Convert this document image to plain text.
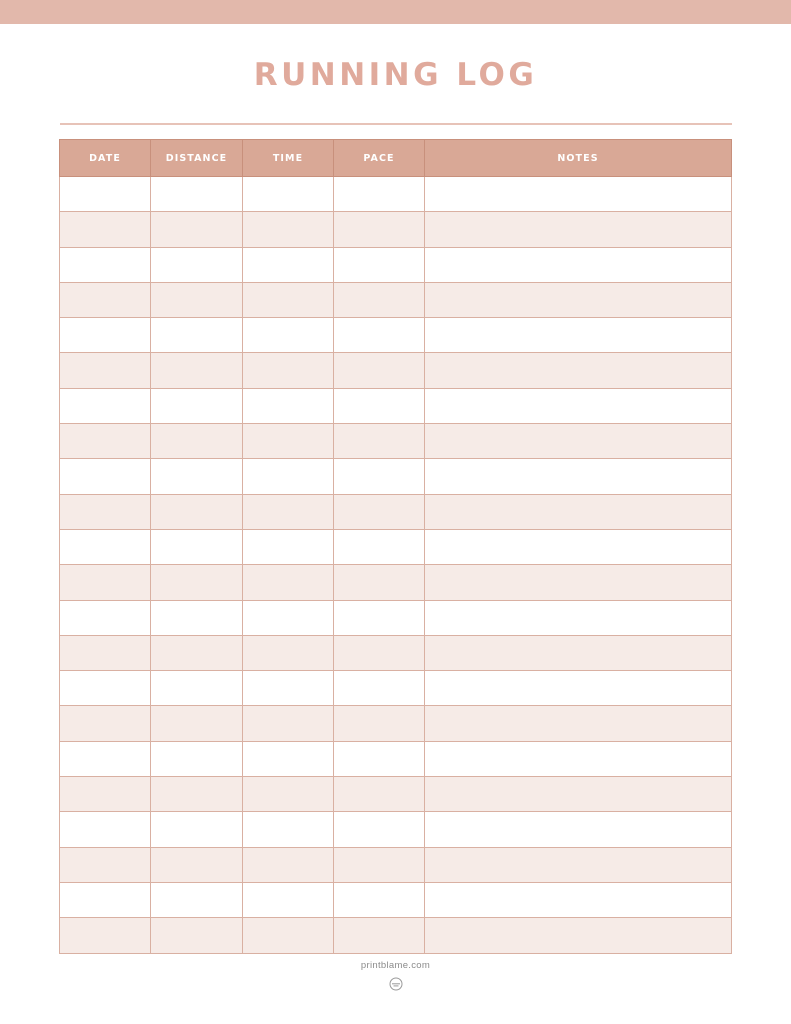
RUNNING LOG
DATE	DISTANCE	TIME	PACE	NOTES

printblame.com
